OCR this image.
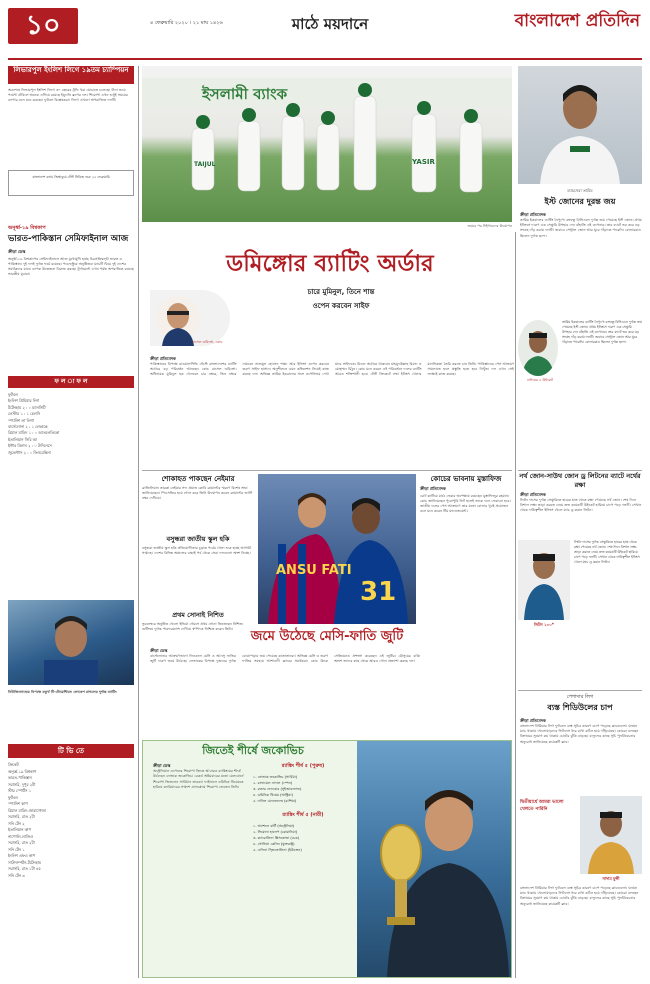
১০	৪ ফেব্রুয়ারি ২০২০ । ২১ মাঘ ১৪২৬	মাঠে ময়দানে	বাংলাদেশ প্রতিদিন
লিভারপুল ইংলিশ লিগে ১৯তম চ্যাম্পিয়ন
অবশেষে লিভারপুল ইংলিশ লিগে ৩০ বছরের ট্রফি খরা ঘোচাতে চলেছে। টানা জয়ে পয়েন্ট টেবিলে অনেক এগিয়ে রয়েছে ইয়ুর্গেন ক্লপের দল। শিরোপা এখন শুধুই সময়ের ব্যাপার বলে মনে করছেন ফুটবল বিশ্লেষকরা। লিগে এখনো অপরাজিত দলটি।
বাংলাদেশ বনাম জিম্বাবুয়ে টেস্ট সিরিজ শুরু ২২ ফেব্রুয়ারি
অনূর্ধ্ব-১৯ বিশ্বকাপ
ভারত-পাকিস্তান সেমিফাইনাল আজ
ক্রীড়া ডেস্ক
অনূর্ধ্ব-১৯ বিশ্বকাপের সেমিফাইনালে আজ মুখোমুখি হচ্ছে চিরপ্রতিদ্বন্দ্বী ভারত ও পাকিস্তান। দুই দলই দুর্দান্ত ফর্মে রয়েছে। পচেফস্ট্রুমে অনুষ্ঠিতব্য ম্যাচটি ঘিরে দুই দেশের সমর্থকদের মাঝে ব্যাপক উত্তেজনা বিরাজ করছে। টুর্নামেন্টে এখন পর্যন্ত অপরাজিত রয়েছে ভারতীয় যুবারা।
ফ ল া ফ ল
ফুটবল
ইংলিশ প্রিমিয়ার লিগ
টটেনহাম ২ : ০ ম্যানসিটি
লেস্টার ১ : ১ চেলসি
স্প্যানিশ লা লিগা
বার্সেলোনা ২ : ১ লেভান্তে
রিয়াল মাদ্রিদ ১ : ০ আতলেতিকো
ইতালিয়ান সিরি আ
ইন্টার মিলান ২ : ০ উদিনেসে
জুভেন্টাস ২ : ০ ফিওরেন্তিনা
নিউজিল্যান্ডের বিপক্ষে চতুর্থ টি-টোয়েন্টিতে লোকেশ রাহুলের দুর্দান্ত ব্যাটিং
টি ভি তে
ক্রিকেট
অনূর্ধ্ব-১৯ বিশ্বকাপ
ভারত-পাকিস্তান
সরাসরি, দুপুর ২টা
স্টার স্পোর্টস ১
ফুটবল
স্প্যানিশ কাপ
রিয়াল মাদ্রিদ-জারাগোজা
সরাসরি, রাত ২টা
সনি টেন ২
ইতালিয়ান কাপ
নাপোলি-লাজিও
সরাসরি, রাত ২টা
সনি টেন ১
ইংলিশ এফএ কাপ
সাউদাম্পটন-টটেনহাম
সরাসরি, রাত ১টা ৪৫
সনি টেন ৩
ইসলামী ব্যাংক
TAIJUL	YASIR
জয়ের পর টাইগারদের উদযাপন
ম্যাচসেরা তামিম
ইস্ট জোনের দুরন্ত জয়
ক্রীড়া প্রতিবেদক
তামিম ইকবালের ব্যাটিং নৈপুণ্যে বঙ্গবন্ধু বিসিএলে দুর্দান্ত জয় পেয়েছে ইস্ট জোন। প্রথম ইনিংসে দারুণ এক সেঞ্চুরি উপহার দেন বাঁহাতি এই ওপেনার। তার ব্যাটে ভর করে বড় সংগ্রহ দাঁড় করায় দলটি। জবাবে সেন্ট্রাল জোন আর ঘুরে দাঁড়াতে পারেনি। বোলাররাও ছিলেন দুর্দান্ত ছন্দে।
ডমিঙ্গোর ব্যাটিং অর্ডার
চারে মুমিনুল, তিনে শান্ত
ওপেন করবেন সাইফ
রাসেল ডমিঙ্গো, কোচ
ক্রীড়া প্রতিবেদক
পাকিস্তানের বিপক্ষে রাওয়ালপিন্ডি টেস্টে বাংলাদেশের ব্যাটিং অর্ডারে বড় পরিবর্তন আনছেন কোচ রাসেল ডমিঙ্গো। অধিনায়ক মুমিনুল হক খেলবেন চার নম্বরে, তিন নম্বরে নামবেন নাজমুল হোসেন শান্ত। আর ইনিংস ওপেন করবেন তরুণ সাইফ হাসান। অনুশীলনে এমন কম্বিনেশন নিয়েই কাজ করছে দল। অভিজ্ঞ তামিম ইকবালের সঙ্গে ওপেনিংয়ে দেখা যাবে সাইফকে। মিডল অর্ডারে থাকবেন মাহমুদউল্লাহ রিয়াদ ও মোহাম্মদ মিঠুন। কোচ মনে করেন এই পরিবর্তনে দলের ব্যাটিং আরও শক্তিশালী হবে। টেস্ট ক্রিকেটে লম্বা ইনিংস খেলার মানসিকতা তৈরি করতে চান তিনি। পাকিস্তানের পেস আক্রমণ সামলাতে হলে প্রস্তুতি হতে হবে নিখুঁত। দল এখন সেই লক্ষ্যেই কাজ করছে।
নাঈমের ৫ উইকেট
তামিম ইকবালের ব্যাটিং নৈপুণ্যে বঙ্গবন্ধু বিসিএলে দুর্দান্ত জয় পেয়েছে ইস্ট জোন। প্রথম ইনিংসে দারুণ এক সেঞ্চুরি উপহার দেন বাঁহাতি এই ওপেনার। তার ব্যাটে ভর করে বড় সংগ্রহ দাঁড় করায় দলটি। জবাবে সেন্ট্রাল জোন আর ঘুরে দাঁড়াতে পারেনি। বোলাররাও ছিলেন দুর্দান্ত ছন্দে।
নর্থ জোন-সাউথ জোন ড্র লিটনের ব্যাটে নর্থের রক্ষা
ক্রীড়া প্রতিবেদক
লিটন দাসের দুর্দান্ত সেঞ্চুরিতে হারের হাত থেকে রক্ষা পেয়েছে নর্থ জোন। শেষ দিনে বিশাল লক্ষ্য তাড়া করতে নেমে দ্রুত কয়েকটি উইকেট হারিয়ে চাপে পড়ে দলটি। সেখান থেকে দায়িত্বশীল ইনিংস খেলে ম্যাচ ড্র করান লিটন।
লিটন ১০০*
লিটন দাসের দুর্দান্ত সেঞ্চুরিতে হারের হাত থেকে রক্ষা পেয়েছে নর্থ জোন। শেষ দিনে বিশাল লক্ষ্য তাড়া করতে নেমে দ্রুত কয়েকটি উইকেট হারিয়ে চাপে পড়ে দলটি। সেখান থেকে দায়িত্বশীল ইনিংস খেলে ম্যাচ ড্র করান লিটন।
পেশাদার লিগ
ব্যস্ত শিডিউলের চাপ
ক্রীড়া প্রতিবেদক
বাংলাদেশ প্রিমিয়ার লিগ ফুটবলে ব্যস্ত সূচির কারণে চাপে পড়েছে ক্লাবগুলো। ঘনঘন ম্যাচ থাকায় খেলোয়াড়দের ফিটনেস ধরে রাখা কঠিন হয়ে দাঁড়িয়েছে। কোচরা বলছেন বিশ্রামের সুযোগ কম থাকায় চোটের ঝুঁকি বাড়ছে। বাফুফের কাছে সূচি পুনর্বিবেচনার অনুরোধ জানিয়েছে কয়েকটি ক্লাব।
দ্বিতীয়ার্ধে আমরা ভালো খেলতে পারিনি
সাদাম মুন্সী
বাংলাদেশ প্রিমিয়ার লিগ ফুটবলে ব্যস্ত সূচির কারণে চাপে পড়েছে ক্লাবগুলো। ঘনঘন ম্যাচ থাকায় খেলোয়াড়দের ফিটনেস ধরে রাখা কঠিন হয়ে দাঁড়িয়েছে। কোচরা বলছেন বিশ্রামের সুযোগ কম থাকায় চোটের ঝুঁকি বাড়ছে। বাফুফের কাছে সূচি পুনর্বিবেচনার অনুরোধ জানিয়েছে কয়েকটি ক্লাব।
শোকাহত পাকছেন নেইমার
ব্রাজিলিয়ান তারকা নেইমার সদ্য প্রয়াত কোবি ব্রায়ান্টের স্মরণে বিশেষ শ্রদ্ধা জানিয়েছেন। পিএসজির হয়ে গোল করে তিনি উদযাপন করেন ব্রায়ান্টের জার্সি নম্বর দেখিয়ে।
বসুন্ধরা জাতীয় স্কুল হকি
বসুন্ধরা জাতীয় স্কুল হকি প্রতিযোগিতার চূড়ান্ত পর্বের খেলা শুরু হচ্ছে আগামী সপ্তাহে। দেশের বিভিন্ন অঞ্চলের বাছাই পর্ব থেকে সেরা দলগুলো অংশ নিচ্ছে।
প্রথম সোনাই নিশিত
ভুবনেশ্বরে অনুষ্ঠিত খেলো ইন্ডিয়া গেমসে প্রথম সোনা জিতেছেন নিশিত। শুটিংয়ে দুর্দান্ত পারফরম্যান্স দেখিয়ে স্বর্ণপদক নিশ্চিত করেন তিনি।
কোচের ভাবনায় মুস্তাফিজ
ক্রীড়া প্রতিবেদক
চোট কাটিয়ে মাঠে ফেরার অপেক্ষায় রয়েছেন মুস্তাফিজুর রহমান। কোচ জানিয়েছেন পুরোপুরি ফিট হলেই তাকে দলে ফেরানো হবে। জাতীয় দলের পেস আক্রমণে তার মতো বোলার খুবই প্রয়োজন বলে মনে করেন টিম ম্যানেজমেন্ট।
ANSU FATI
31
জমে উঠেছে মেসি-ফাতি জুটি
ক্রীড়া ডেস্ক
বার্সেলোনার আক্রমণভাগে লিওনেল মেসি ও আনসু ফাতির জুটি দারুণ জমে উঠেছে। লেভান্তের বিপক্ষে দুজনের দুর্দান্ত বোঝাপড়ায় জয় পেয়েছে কাতালানরা। অভিজ্ঞ মেসি ও তরুণ ফাতির সমন্বয়ে আশাবাদী ক্লাবের সমর্থকরা। কোচ কিকে সেতিয়েনও প্রশংসা করেছেন এই জুটির। মৌসুমের বাকি অংশে তাদের কাছ থেকে আরও গোল প্রত্যাশা করছে দল।
জিতেই শীর্ষে জকোভিচ
ক্রীড়া ডেস্ক
অস্ট্রেলিয়ান ওপেনের শিরোপা জিতে আবারও র‌্যাঙ্কিংয়ের শীর্ষে উঠেছেন নোভাক জকোভিচ। রেকর্ড অষ্টমবারের মতো মেলবোর্নে শিরোপা জিতলেন সার্বিয়ান তারকা। ফাইনালে ডমিনিক থিয়েমকে হারিয়ে ক্যারিয়ারের সপ্তদশ গ্র্যান্ডস্ল্যাম শিরোপা জেতেন তিনি।
র‍্যাঙ্কিং শীর্ষ ৫ (পুরুষ)
১. নোভাক জকোভিচ (সার্বিয়া)
২. রাফায়েল নাদাল (স্পেন)
৩. রজার ফেদেরার (সুইজারল্যান্ড)
৪. ডমিনিক থিয়েম (অস্ট্রিয়া)
৫. দানিল মেদভেদেভ (রাশিয়া)
র‍্যাঙ্কিং শীর্ষ ৫ (নারী)
১. অ্যাশলে বার্টি (অস্ট্রেলিয়া)
২. সিমোনা হালেপ (রোমানিয়া)
৩. ক্যারোলিনা প্লিসকোভা (চেক)
৪. সোফিয়া কেনিন (যুক্তরাষ্ট্র)
৫. এলিনা স্ভিতোলিনা (ইউক্রেন)
